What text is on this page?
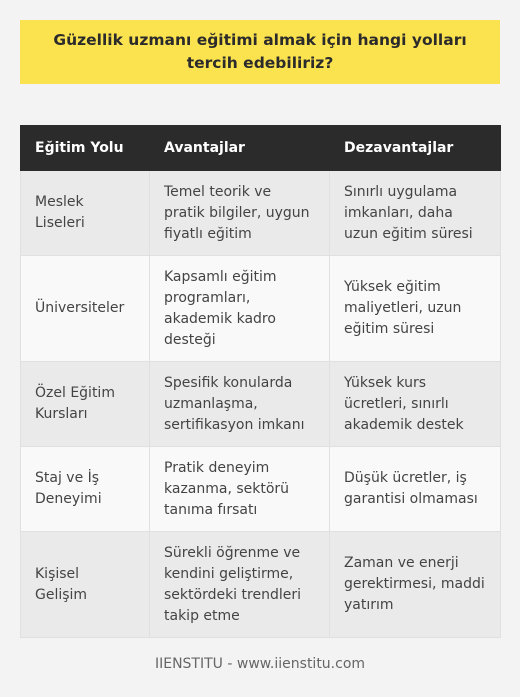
Güzellik uzmanı eğitimi almak için hangi yolları tercih edebiliriz?
Eğitim Yolu	Avantajlar	Dezavantajlar
Meslek Liseleri	Temel teorik ve pratik bilgiler, uygun fiyatlı eğitim	Sınırlı uygulama imkanları, daha uzun eğitim süresi
Üniversiteler	Kapsamlı eğitim programları, akademik kadro desteği	Yüksek eğitim maliyetleri, uzun eğitim süresi
Özel Eğitim Kursları	Spesifik konularda uzmanlaşma, sertifikasyon imkanı	Yüksek kurs ücretleri, sınırlı akademik destek
Staj ve İş Deneyimi	Pratik deneyim kazanma, sektörü tanıma fırsatı	Düşük ücretler, iş garantisi olmaması
Kişisel Gelişim	Sürekli öğrenme ve kendini geliştirme, sektördeki trendleri takip etme	Zaman ve enerji gerektirmesi, maddi yatırım
IIENSTITU - www.iienstitu.com
